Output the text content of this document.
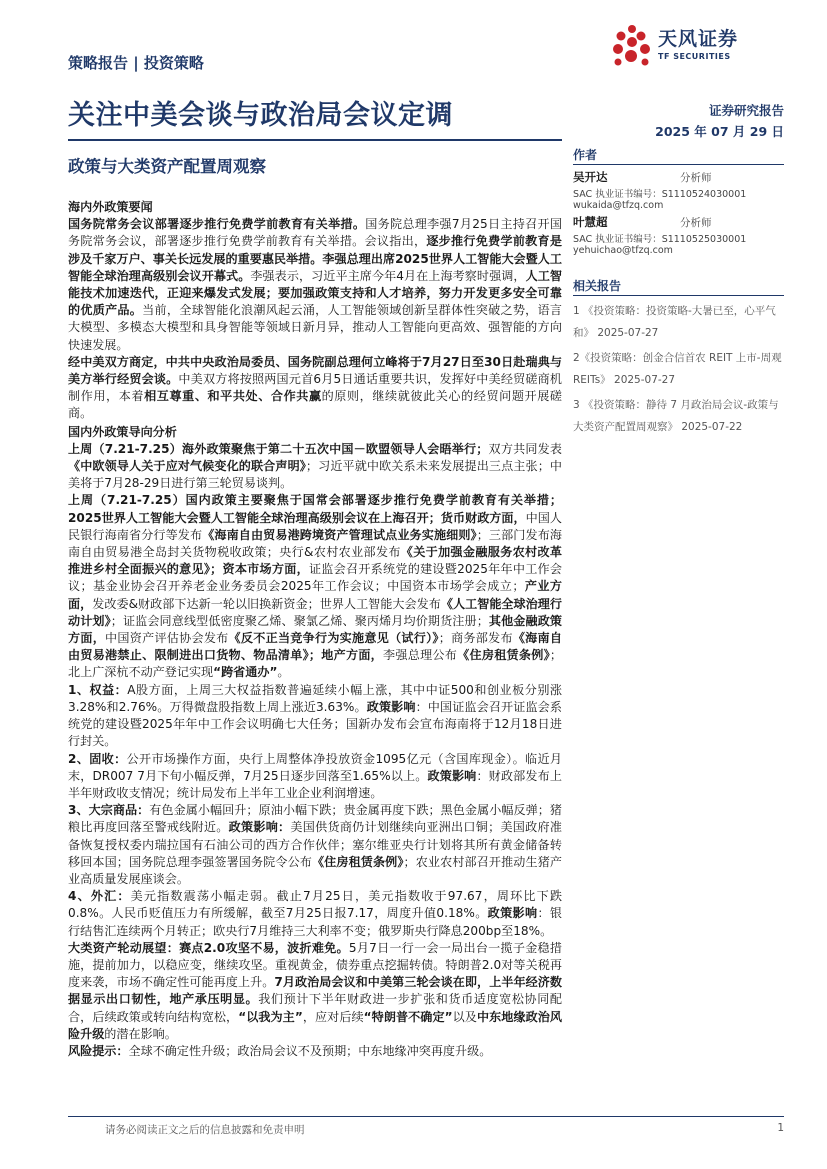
天风证券
TF SECURITIES
策略报告 | 投资策略
关注中美会谈与政治局会议定调
政策与大类资产配置周观察
证券研究报告
2025 年 07 月 29 日
作者
吴开达	分析师
SAC 执业证书编号：S1110524030001
wukaida@tfzq.com
叶慧超	分析师
SAC 执业证书编号：S1110525030001
yehuichao@tfzq.com
相关报告
1 《投资策略：投资策略-大暑已至，心平气和》 2025-07-27
2《投资策略：创金合信首农 REIT 上市-周观 REITs》 2025-07-27
3 《投资策略：静待 7 月政治局会议-政策与大类资产配置周观察》 2025-07-22

海内外政策要闻

国务院常务会议部署逐步推行免费学前教育有关举措。国务院总理李强7月25日主持召开国务院常务会议，部署逐步推行免费学前教育有关举措。会议指出，逐步推行免费学前教育是涉及千家万户、事关长远发展的重要惠民举措。李强总理出席2025世界人工智能大会暨人工智能全球治理高级别会议开幕式。李强表示，习近平主席今年4月在上海考察时强调，人工智能技术加速迭代，正迎来爆发式发展；要加强政策支持和人才培养，努力开发更多安全可靠的优质产品。当前，全球智能化浪潮风起云涌，人工智能领域创新呈群体性突破之势，语言大模型、多模态大模型和具身智能等领域日新月异，推动人工智能向更高效、强智能的方向快速发展。

经中美双方商定，中共中央政治局委员、国务院副总理何立峰将于7月27日至30日赴瑞典与美方举行经贸会谈。中美双方将按照两国元首6月5日通话重要共识，发挥好中美经贸磋商机制作用，本着相互尊重、和平共处、合作共赢的原则，继续就彼此关心的经贸问题开展磋商。

国内外政策导向分析

上周（7.21-7.25）海外政策聚焦于第二十五次中国－欧盟领导人会晤举行；双方共同发表《中欧领导人关于应对气候变化的联合声明》；习近平就中欧关系未来发展提出三点主张；中美将于7月28-29日进行第三轮贸易谈判。

上周（7.21-7.25）国内政策主要聚焦于国常会部署逐步推行免费学前教育有关举措；2025世界人工智能大会暨人工智能全球治理高级别会议在上海召开；货币财政方面，中国人民银行海南省分行等发布《海南自由贸易港跨境资产管理试点业务实施细则》；三部门发布海南自由贸易港全岛封关货物税收政策；央行&农村农业部发布《关于加强金融服务农村改革 推进乡村全面振兴的意见》；资本市场方面，证监会召开系统党的建设暨2025年年中工作会议；基金业协会召开养老金业务委员会2025年工作会议；中国资本市场学会成立；产业方面，发改委&财政部下达新一轮以旧换新资金；世界人工智能大会发布《人工智能全球治理行动计划》；证监会同意线型低密度聚乙烯、聚氯乙烯、聚丙烯月均价期货注册；其他金融政策方面，中国资产评估协会发布《反不正当竞争行为实施意见（试行）》；商务部发布《海南自由贸易港禁止、限制进出口货物、物品清单》；地产方面，李强总理公布《住房租赁条例》；北上广深杭不动产登记实现“跨省通办”。

1、权益：A股方面，上周三大权益指数普遍延续小幅上涨，其中中证500和创业板分别涨3.28%和2.76%。万得微盘股指数上周上涨近3.63%。政策影响：中国证监会召开证监会系统党的建设暨2025年年中工作会议明确七大任务；国新办发布会宣布海南将于12月18日进行封关。

2、固收：公开市场操作方面，央行上周整体净投放资金1095亿元（含国库现金）。临近月末，DR007 7月下旬小幅反弹，7月25日逐步回落至1.65%以上。政策影响：财政部发布上半年财政收支情况；统计局发布上半年工业企业利润增速。

3、大宗商品：有色金属小幅回升；原油小幅下跌；贵金属再度下跌；黑色金属小幅反弹；猪粮比再度回落至警戒线附近。政策影响：美国供货商仍计划继续向亚洲出口铜；美国政府准备恢复授权委内瑞拉国有石油公司的西方合作伙伴；塞尔维亚央行计划将其所有黄金储备转移回本国；国务院总理李强签署国务院令公布《住房租赁条例》；农业农村部召开推动生猪产业高质量发展座谈会。

4、外汇：美元指数震荡小幅走弱。截止7月25日，美元指数收于97.67，周环比下跌0.8%。人民币贬值压力有所缓解，截至7月25日报7.17，周度升值0.18%。政策影响：银行结售汇连续两个月转正；欧央行7月维持三大利率不变；俄罗斯央行降息200bp至18%。

大类资产轮动展望：赛点2.0攻坚不易，波折难免。5月7日一行一会一局出台一揽子金稳措施，提前加力，以稳应变，继续攻坚。重视黄金，债券重点挖掘转债。特朗普2.0对等关税再度来袭，市场不确定性可能再度上升。7月政治局会议和中美第三轮会谈在即，上半年经济数据显示出口韧性，地产承压明显。我们预计下半年财政进一步扩张和货币适度宽松协同配合，后续政策或转向结构宽松，“以我为主”，应对后续“特朗普不确定”以及中东地缘政治风险升级的潜在影响。

风险提示：全球不确定性升级；政治局会议不及预期；中东地缘冲突再度升级。

请务必阅读正文之后的信息披露和免责申明	1
